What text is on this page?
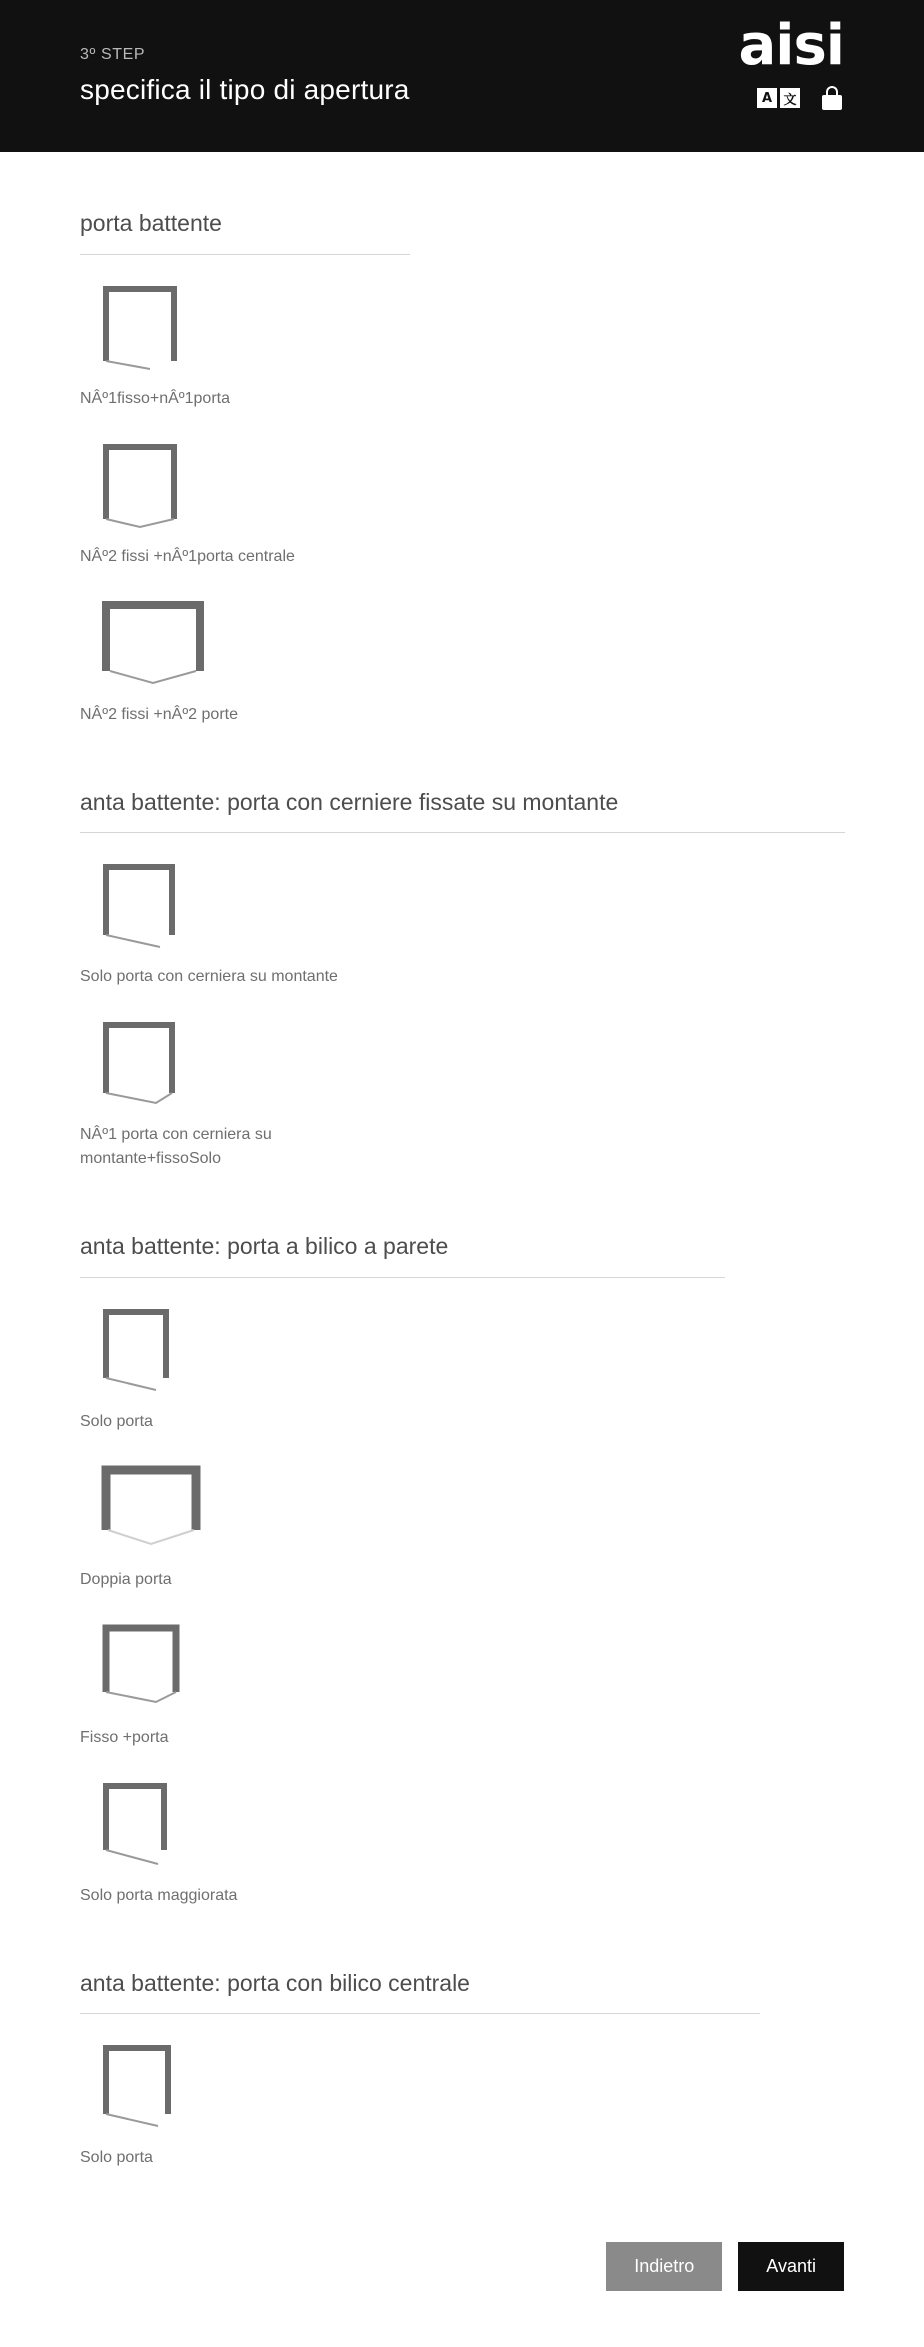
3º STEP
specifica il tipo di apertura
aisi
A 文
porta battente
NÂº1fisso+nÂº1porta
NÂº2 fissi +nÂº1porta centrale
NÂº2 fissi +nÂº2 porte
anta battente: porta con cerniere fissate su montante
Solo porta con cerniera su montante
NÂº1 porta con cerniera su montante+fissoSolo
anta battente: porta a bilico a parete
Solo porta
Doppia porta
Fisso +porta
Solo porta maggiorata
anta battente: porta con bilico centrale
Solo porta
Indietro	Avanti
